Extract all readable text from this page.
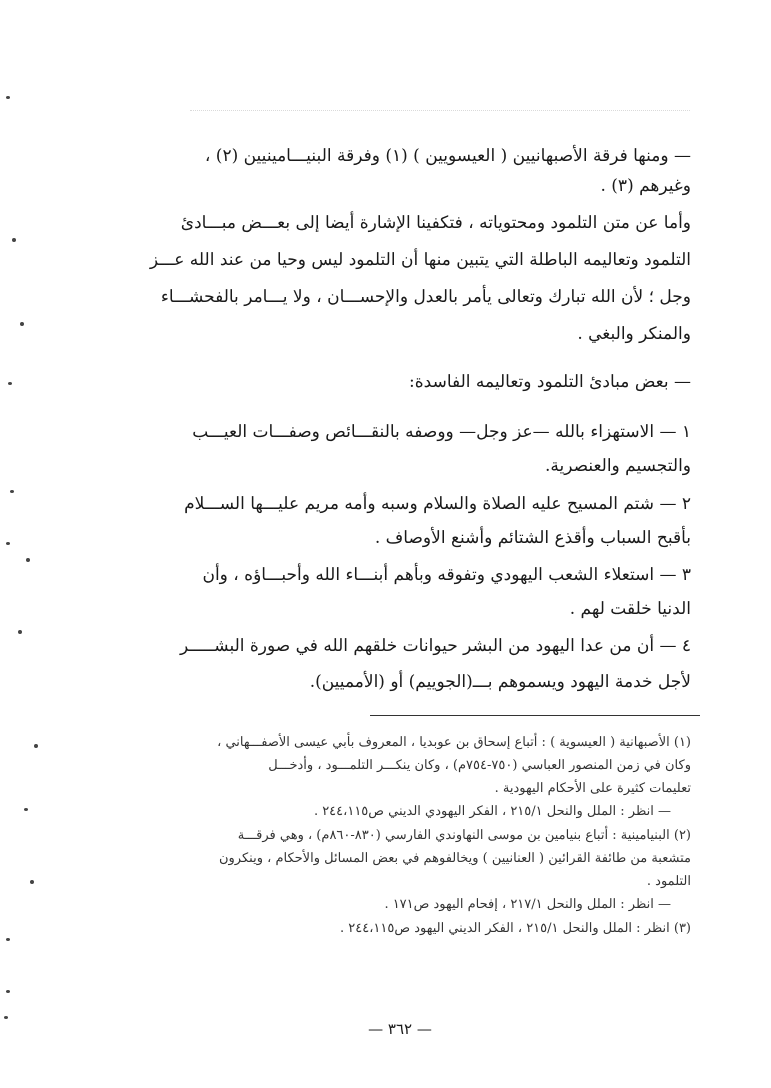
— ومنها فرقة الأصبهانيين ( العيسويين ) (١) وفرقة البنيـــامينيين (٢) ،
وغيرهم (٣) .
وأما عن متن التلمود ومحتوياته ، فتكفينا الإشارة أيضا إلى بعـــض مبـــادئ
التلمود وتعاليمه الباطلة التي يتبين منها أن التلمود ليس وحيا من عند الله عـــز
وجل ؛ لأن الله تبارك وتعالى يأمر بالعدل والإحســـان ، ولا يـــامر بالفحشـــاء
والمنكر والبغي .
— بعض مبادئ التلمود وتعاليمه الفاسدة:
١ — الاستهزاء بالله —عز وجل— ووصفه بالنقـــائص وصفـــات العيـــب
والتجسيم والعنصرية.
٢ — شتم المسيح عليه الصلاة والسلام وسبه وأمه مريم عليـــها الســـلام
بأقبح السباب وأقذع الشتائم وأشنع الأوصاف .
٣ — استعلاء الشعب اليهودي وتفوقه وبأهم أبنـــاء الله وأحبـــاؤه ، وأن
الدنيا خلقت لهم .
٤ — أن من عدا اليهود من البشر حيوانات خلقهم الله في صورة البشـــــر
لأجل خدمة اليهود ويسموهم بـــ(الجوييم) أو (الأمميين).
(١) الأصبهانية ( العيسوية ) : أتباع إسحاق بن عوبديا ، المعروف بأبي عيسى الأصفـــهاني ،
وكان في زمن المنصور العباسي (٧٥٠-٧٥٤م) ، وكان ينكـــر التلمـــود ، وأدخـــل
تعليمات كثيرة على الأحكام اليهودية .
— انظر : الملل والنحل ٢١٥/١ ، الفكر اليهودي الديني ص٢٤٤،١١٥ .
(٢) البنيامينية : أتباع بنيامين بن موسى النهاوندي الفارسي (٨٣٠-٨٦٠م) ، وهي فرقـــة
متشعبة من طائفة القرائين ( العنانيين ) ويخالفوهم في بعض المسائل والأحكام ، وينكرون
التلمود .
— انظر : الملل والنحل ٢١٧/١ ، إفحام اليهود ص١٧١ .
(٣) انظر : الملل والنحل ٢١٥/١ ، الفكر الديني اليهود ص٢٤٤،١١٥ .
— ٣٦٢ —
